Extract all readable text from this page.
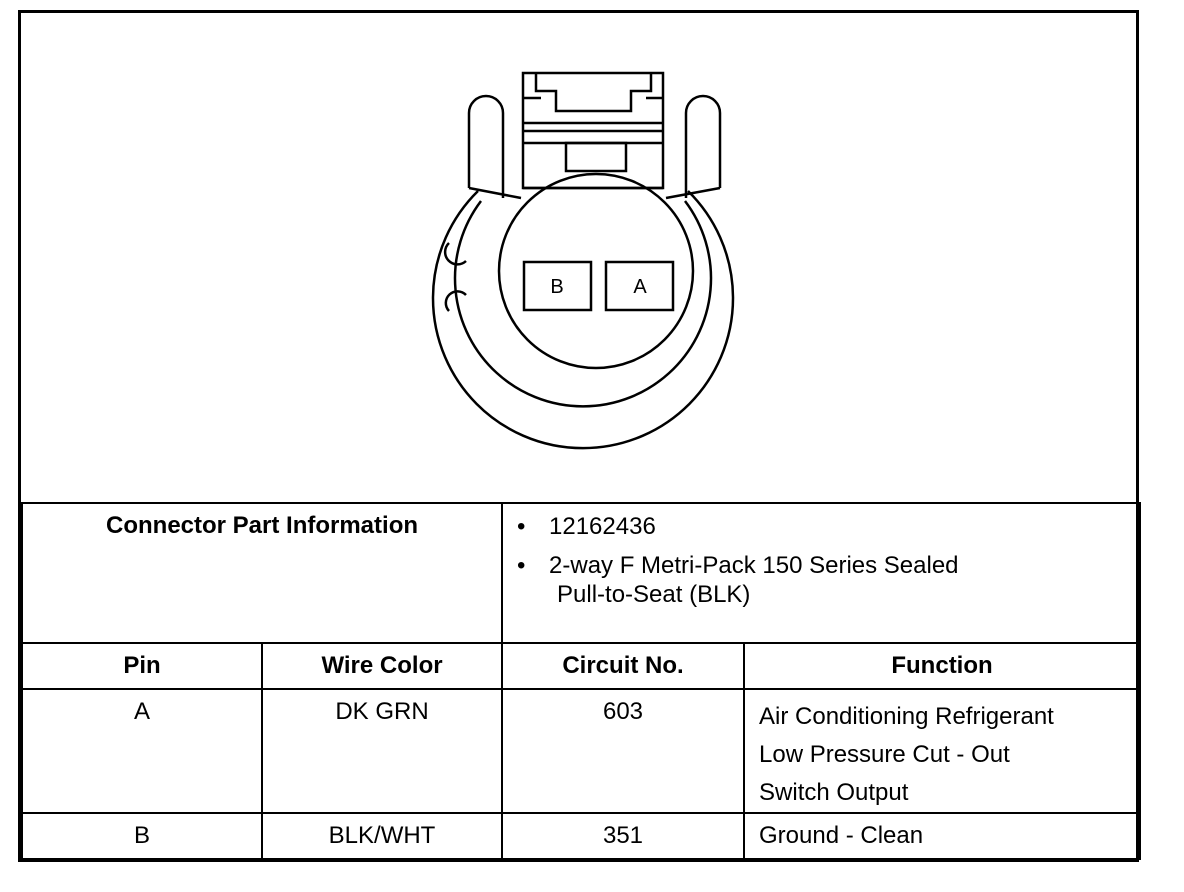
B	A
Connector Part Information		• 12162436
• 2-way F Metri-Pack 150 Series Sealed
Pull-to-Seat (BLK)	

Pin	Wire Color	Circuit No.	Function
A	DK GRN	603	Air Conditioning Refrigerant
Low Pressure Cut - Out
Switch Output

B	BLK/WHT	351	Ground - Clean
